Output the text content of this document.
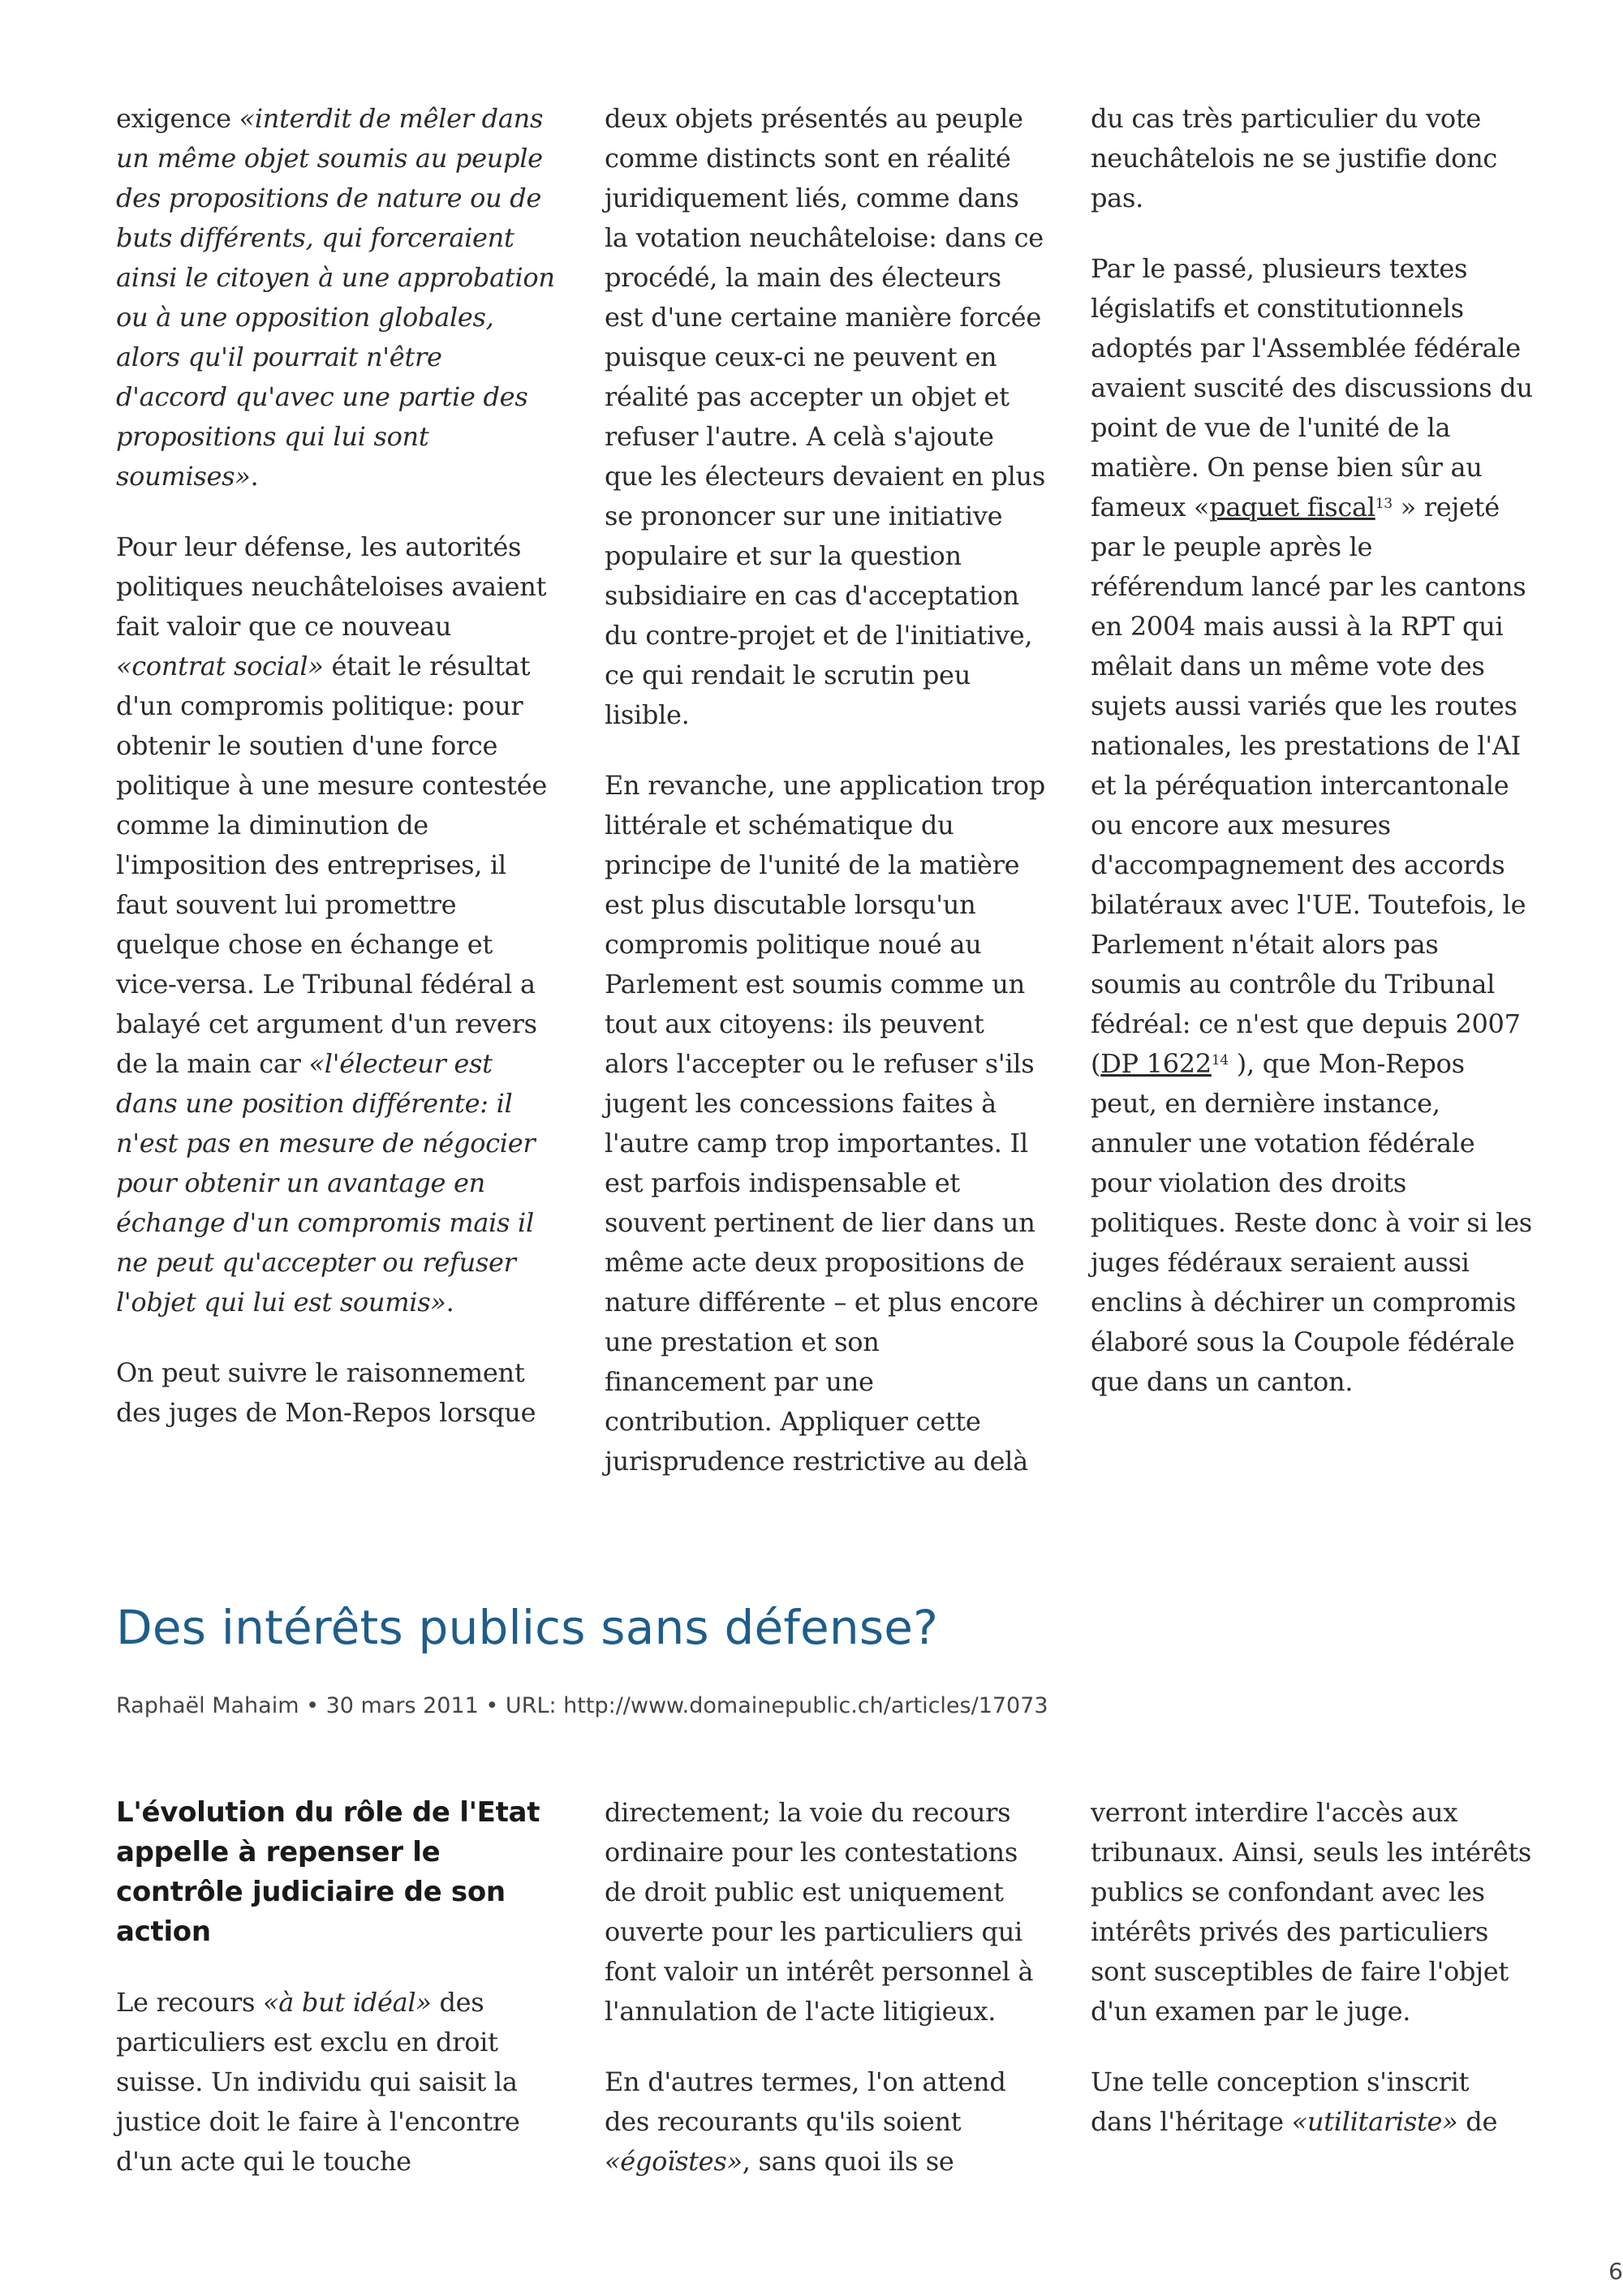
exigence «interdit de mêler dans un même objet soumis au peuple des propositions de nature ou de buts différents, qui forceraient ainsi le citoyen à une approbation ou à une opposition globales, alors qu'il pourrait n'être d'accord qu'avec une partie des propositions qui lui sont soumises».

Pour leur défense, les autorités politiques neuchâteloises avaient fait valoir que ce nouveau «contrat social» était le résultat d'un compromis politique: pour obtenir le soutien d'une force politique à une mesure contestée comme la diminution de l'imposition des entreprises, il faut souvent lui promettre quelque chose en échange et vice-versa. Le Tribunal fédéral a balayé cet argument d'un revers de la main car «l'électeur est dans une position différente: il n'est pas en mesure de négocier pour obtenir un avantage en échange d'un compromis mais il ne peut qu'accepter ou refuser l'objet qui lui est soumis».

On peut suivre le raisonnement des juges de Mon-Repos lorsque

deux objets présentés au peuple comme distincts sont en réalité juridiquement liés, comme dans la votation neuchâteloise: dans ce procédé, la main des électeurs est d'une certaine manière forcée puisque ceux-ci ne peuvent en réalité pas accepter un objet et refuser l'autre. A celà s'ajoute que les électeurs devaient en plus se prononcer sur une initiative populaire et sur la question subsidiaire en cas d'acceptation du contre-projet et de l'initiative, ce qui rendait le scrutin peu lisible.

En revanche, une application trop littérale et schématique du principe de l'unité de la matière est plus discutable lorsqu'un compromis politique noué au Parlement est soumis comme un tout aux citoyens: ils peuvent alors l'accepter ou le refuser s'ils jugent les concessions faites à l'autre camp trop importantes. Il est parfois indispensable et souvent pertinent de lier dans un même acte deux propositions de nature différente – et plus encore une prestation et son financement par une contribution. Appliquer cette jurisprudence restrictive au delà

du cas très particulier du vote neuchâtelois ne se justifie donc pas.

Par le passé, plusieurs textes législatifs et constitutionnels adoptés par l'Assemblée fédérale avaient suscité des discussions du point de vue de l'unité de la matière. On pense bien sûr au fameux «paquet fiscal$^{13}$ » rejeté par le peuple après le référendum lancé par les cantons en 2004 mais aussi à la RPT qui mêlait dans un même vote des sujets aussi variés que les routes nationales, les prestations de l'AI et la péréquation intercantonale ou encore aux mesures d'accompagnement des accords bilatéraux avec l'UE. Toutefois, le Parlement n'était alors pas soumis au contrôle du Tribunal fédréal: ce n'est que depuis 2007 (DP 1622$^{14}$ ), que Mon-Repos peut, en dernière instance, annuler une votation fédérale pour violation des droits politiques. Reste donc à voir si les juges fédéraux seraient aussi enclins à déchirer un compromis élaboré sous la Coupole fédérale que dans un canton.

Des intérêts publics sans défense?
Raphaël Mahaim • 30 mars 2011 • URL: http://www.domainepublic.ch/articles/17073

L'évolution du rôle de l'Etat appelle à repenser le contrôle judiciaire de son action

Le recours «à but idéal» des particuliers est exclu en droit suisse. Un individu qui saisit la justice doit le faire à l'encontre d'un acte qui le touche

directement; la voie du recours ordinaire pour les contestations de droit public est uniquement ouverte pour les particuliers qui font valoir un intérêt personnel à l'annulation de l'acte litigieux.

En d'autres termes, l'on attend des recourants qu'ils soient «égoïstes», sans quoi ils se

verront interdire l'accès aux tribunaux. Ainsi, seuls les intérêts publics se confondant avec les intérêts privés des particuliers sont susceptibles de faire l'objet d'un examen par le juge.

Une telle conception s'inscrit dans l'héritage «utilitariste» de

6
